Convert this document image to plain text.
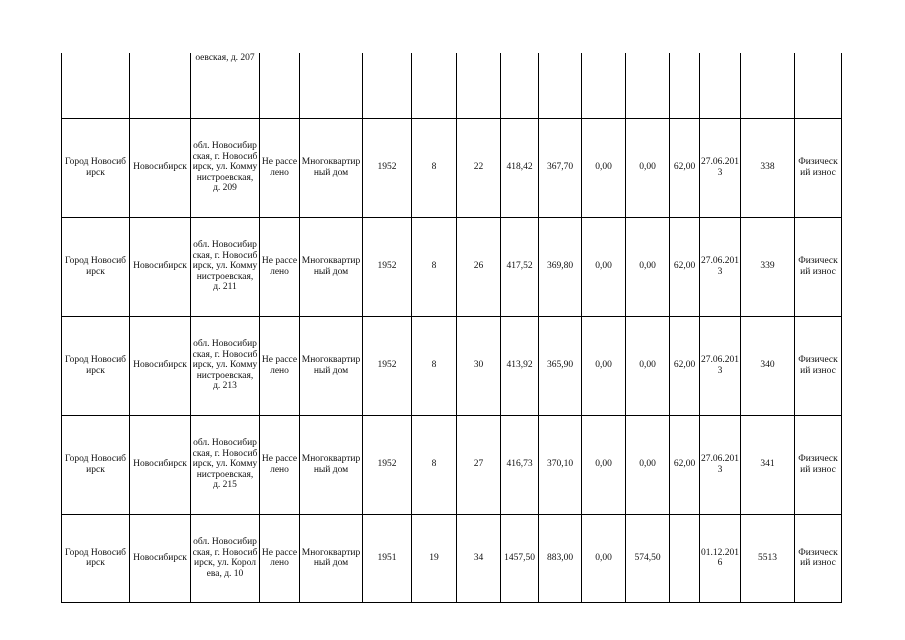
		оевская, д. 207													
Город Новосибирск	Новосибирск	обл. Новосибирская, г. Новосибирск, ул. Коммунистроевская, д. 209	Не расселено	Многоквартирный дом	1952	8	22	418,42	367,70	0,00	0,00	62,00	27.06.2013	338	Физический износ
Город Новосибирск	Новосибирск	обл. Новосибирская, г. Новосибирск, ул. Коммунистроевская, д. 211	Не расселено	Многоквартирный дом	1952	8	26	417,52	369,80	0,00	0,00	62,00	27.06.2013	339	Физический износ
Город Новосибирск	Новосибирск	обл. Новосибирская, г. Новосибирск, ул. Коммунистроевская, д. 213	Не расселено	Многоквартирный дом	1952	8	30	413,92	365,90	0,00	0,00	62,00	27.06.2013	340	Физический износ
Город Новосибирск	Новосибирск	обл. Новосибирская, г. Новосибирск, ул. Коммунистроевская, д. 215	Не расселено	Многоквартирный дом	1952	8	27	416,73	370,10	0,00	0,00	62,00	27.06.2013	341	Физический износ
Город Новосибирск	Новосибирск	обл. Новосибирская, г. Новосибирск, ул. Королева, д. 10	Не расселено	Многоквартирный дом	1951	19	34	1457,50	883,00	0,00	574,50		01.12.2016	5513	Физический износ
